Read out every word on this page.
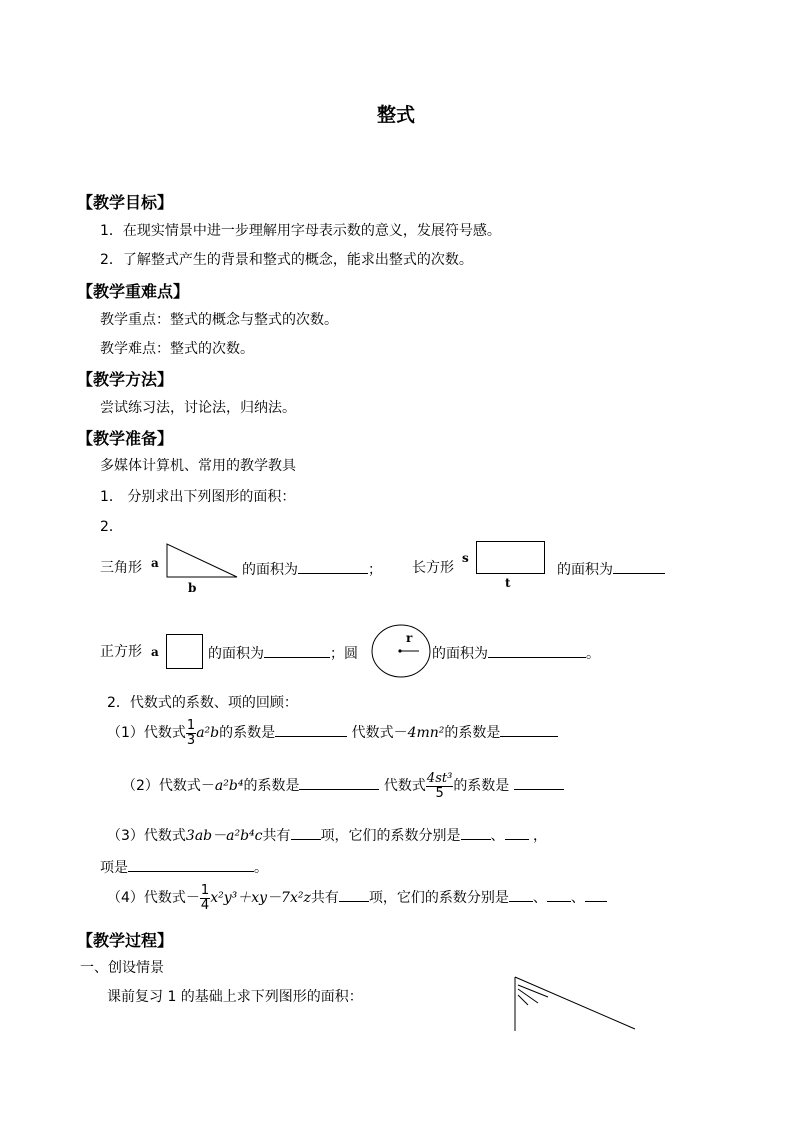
整式
【教学目标】
1．在现实情景中进一步理解用字母表示数的意义，发展符号感。
2．了解整式产生的背景和整式的概念，能求出整式的次数。
【教学重难点】
教学重点：整式的概念与整式的次数。
教学难点：整式的次数。
【教学方法】
尝试练习法，讨论法，归纳法。
【教学准备】
多媒体计算机、常用的教学教具
1． 分别求出下列图形的面积：
2．
三角形 a
b
的面积为	； 长方形
s
t
的面积为
正方形 a	的面积为	；圆
r
的面积为	。
2．代数式的系数、项的回顾：
（1）代数式 $\frac{1}{3} a^2b$的系数是	代数式－4mn²的系数是
（2）代数式－a²b⁴的系数是	代数式 $\frac{\text{4st³}}{5}$ 的系数是
（3）代数式3ab－a²b⁴c共有 项，它们的系数分别是 、 ，
项是	。
（4）代数式－ $\frac{1}{4} x^2y^3+xy-7x^2z$共有 项，它们的系数分别是 、 、
【教学过程】
一、创设情景
课前复习 1 的基础上求下列图形的面积：
